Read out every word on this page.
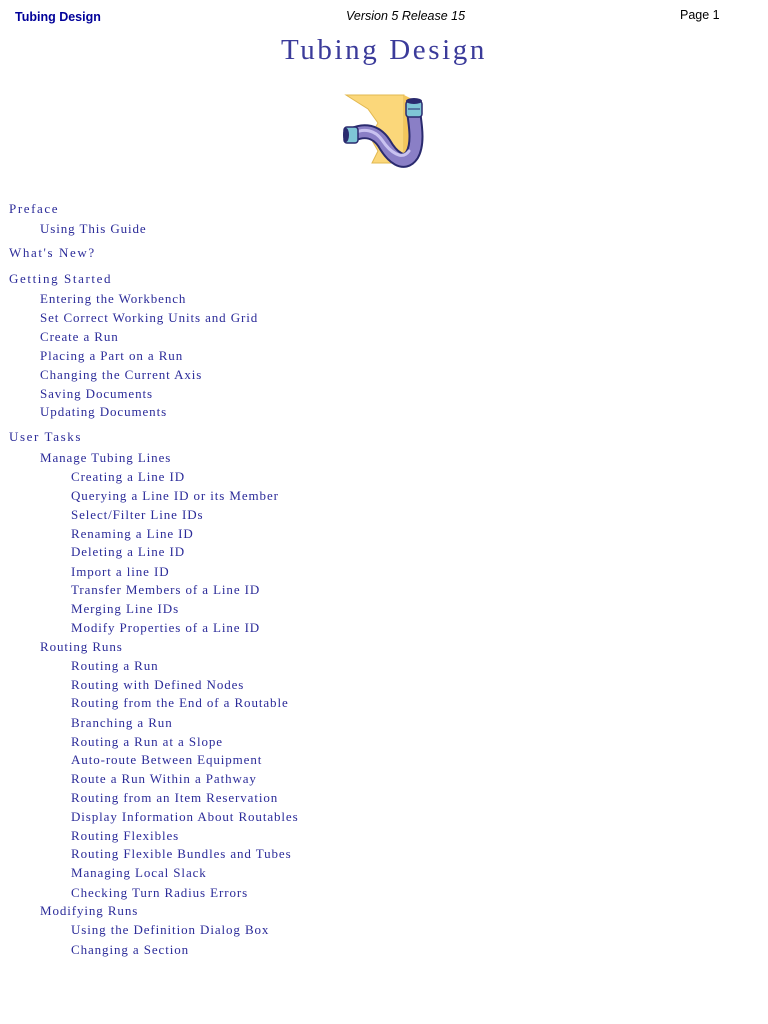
Tubing Design	Version 5 Release 15	Page 1
Tubing Design
Preface
Using This Guide
What's New?
Getting Started
Entering the Workbench
Set Correct Working Units and Grid
Create a Run
Placing a Part on a Run
Changing the Current Axis
Saving Documents
Updating Documents
User Tasks
Manage Tubing Lines
Creating a Line ID
Querying a Line ID or its Member
Select/Filter Line IDs
Renaming a Line ID
Deleting a Line ID
Import a line ID
Transfer Members of a Line ID
Merging Line IDs
Modify Properties of a Line ID
Routing Runs
Routing a Run
Routing with Defined Nodes
Routing from the End of a Routable
Branching a Run
Routing a Run at a Slope
Auto-route Between Equipment
Route a Run Within a Pathway
Routing from an Item Reservation
Display Information About Routables
Routing Flexibles
Routing Flexible Bundles and Tubes
Managing Local Slack
Checking Turn Radius Errors
Modifying Runs
Using the Definition Dialog Box
Changing a Section
